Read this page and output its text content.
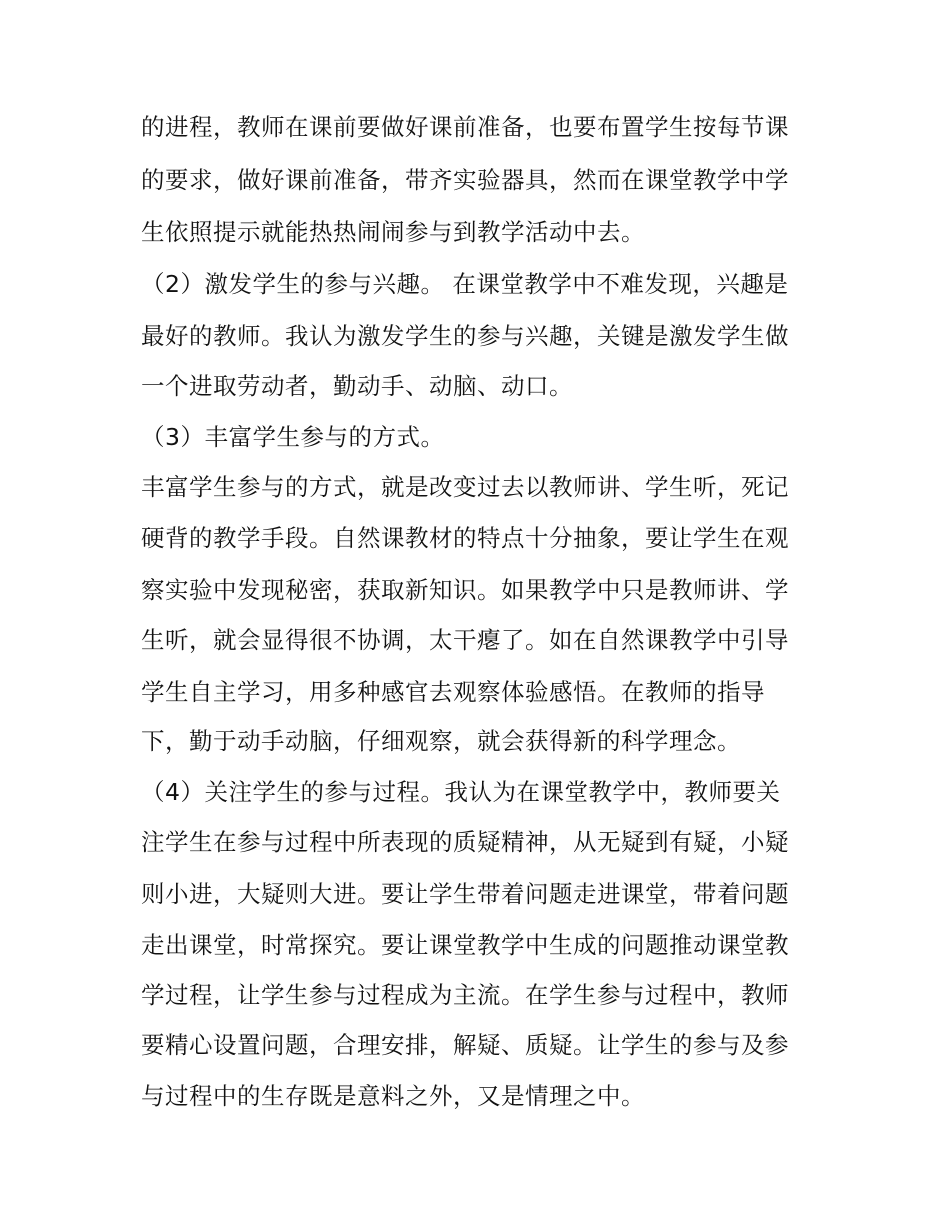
的进程，教师在课前要做好课前准备，也要布置学生按每节课
的要求，做好课前准备，带齐实验器具，然而在课堂教学中学
生依照提示就能热热闹闹参与到教学活动中去。
（2）激发学生的参与兴趣。 在课堂教学中不难发现，兴趣是
最好的教师。我认为激发学生的参与兴趣，关键是激发学生做
一个进取劳动者，勤动手、动脑、动口。
（3）丰富学生参与的方式。
丰富学生参与的方式，就是改变过去以教师讲、学生听，死记
硬背的教学手段。自然课教材的特点十分抽象，要让学生在观
察实验中发现秘密，获取新知识。如果教学中只是教师讲、学
生听，就会显得很不协调，太干瘪了。如在自然课教学中引导
学生自主学习，用多种感官去观察体验感悟。在教师的指导
下，勤于动手动脑，仔细观察，就会获得新的科学理念。
（4）关注学生的参与过程。我认为在课堂教学中，教师要关
注学生在参与过程中所表现的质疑精神，从无疑到有疑，小疑
则小进，大疑则大进。要让学生带着问题走进课堂，带着问题
走出课堂，时常探究。要让课堂教学中生成的问题推动课堂教
学过程，让学生参与过程成为主流。在学生参与过程中，教师
要精心设置问题，合理安排，解疑、质疑。让学生的参与及参
与过程中的生存既是意料之外，又是情理之中。
